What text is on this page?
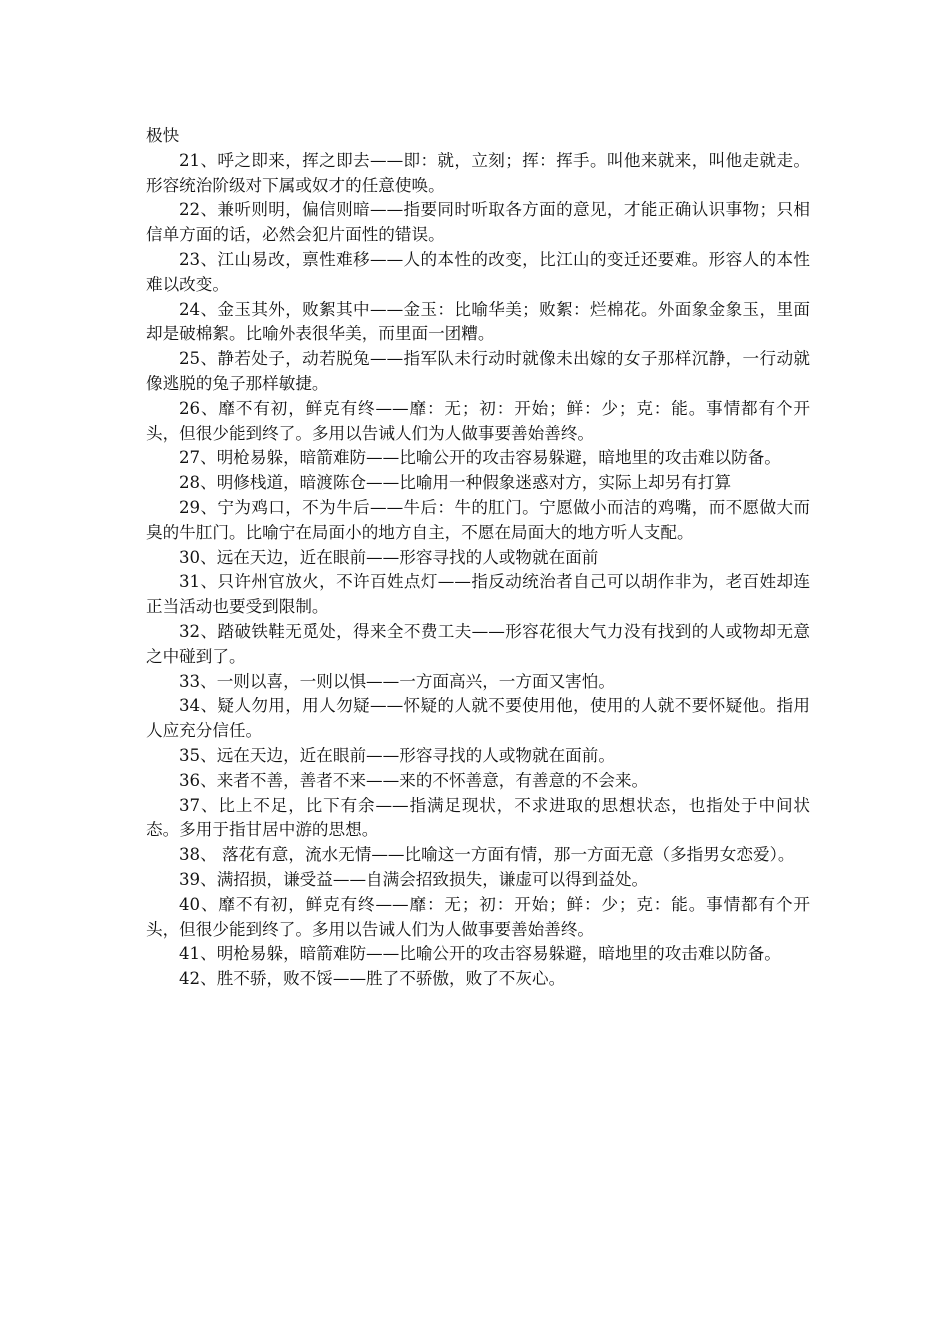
极快

21、呼之即来，挥之即去——即：就，立刻；挥：挥手。叫他来就来，叫他走就走。形容统治阶级对下属或奴才的任意使唤。

22、兼听则明，偏信则暗——指要同时听取各方面的意见，才能正确认识事物；只相信单方面的话，必然会犯片面性的错误。

23、江山易改，禀性难移——人的本性的改变，比江山的变迁还要难。形容人的本性难以改变。

24、金玉其外，败絮其中——金玉：比喻华美；败絮：烂棉花。外面象金象玉，里面却是破棉絮。比喻外表很华美，而里面一团糟。

25、静若处子，动若脱兔——指军队未行动时就像未出嫁的女子那样沉静，一行动就像逃脱的兔子那样敏捷。

26、靡不有初，鲜克有终——靡：无；初：开始；鲜：少；克：能。事情都有个开头，但很少能到终了。多用以告诫人们为人做事要善始善终。

27、明枪易躲，暗箭难防——比喻公开的攻击容易躲避，暗地里的攻击难以防备。

28、明修栈道，暗渡陈仓——比喻用一种假象迷惑对方，实际上却另有打算

29、宁为鸡口，不为牛后——牛后：牛的肛门。宁愿做小而洁的鸡嘴，而不愿做大而臭的牛肛门。比喻宁在局面小的地方自主，不愿在局面大的地方听人支配。

30、远在天边，近在眼前——形容寻找的人或物就在面前

31、只许州官放火，不许百姓点灯——指反动统治者自己可以胡作非为，老百姓却连正当活动也要受到限制。

32、踏破铁鞋无觅处，得来全不费工夫——形容花很大气力没有找到的人或物却无意之中碰到了。

33、一则以喜，一则以惧——一方面高兴，一方面又害怕。

34、疑人勿用，用人勿疑——怀疑的人就不要使用他，使用的人就不要怀疑他。指用人应充分信任。

35、远在天边，近在眼前——形容寻找的人或物就在面前。

36、来者不善，善者不来——来的不怀善意，有善意的不会来。

37、比上不足，比下有余——指满足现状，不求进取的思想状态，也指处于中间状态。多用于指甘居中游的思想。

38、 落花有意，流水无情——比喻这一方面有情，那一方面无意（多指男女恋爱）。

39、满招损，谦受益——自满会招致损失，谦虚可以得到益处。

40、靡不有初，鲜克有终——靡：无；初：开始；鲜：少；克：能。事情都有个开头，但很少能到终了。多用以告诫人们为人做事要善始善终。

41、明枪易躲，暗箭难防——比喻公开的攻击容易躲避，暗地里的攻击难以防备。

42、胜不骄，败不馁——胜了不骄傲，败了不灰心。
